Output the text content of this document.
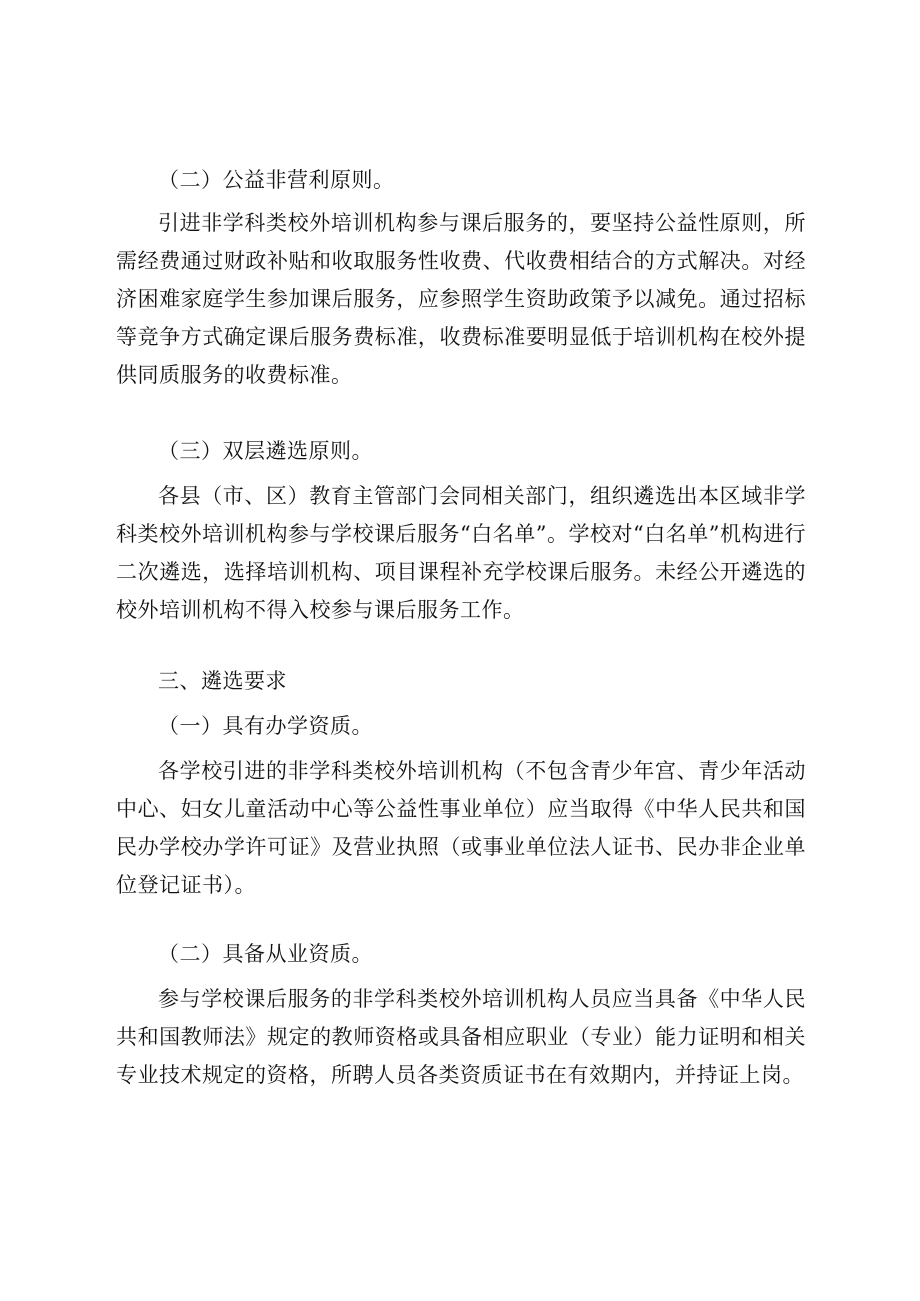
（二）公益非营利原则。

引进非学科类校外培训机构参与课后服务的，要坚持公益性原则，所需经费通过财政补贴和收取服务性收费、代收费相结合的方式解决。对经济困难家庭学生参加课后服务，应参照学生资助政策予以减免。通过招标等竞争方式确定课后服务费标准，收费标准要明显低于培训机构在校外提供同质服务的收费标准。

（三）双层遴选原则。

各县（市、区）教育主管部门会同相关部门，组织遴选出本区域非学科类校外培训机构参与学校课后服务“白名单”。学校对“白名单”机构进行二次遴选，选择培训机构、项目课程补充学校课后服务。未经公开遴选的校外培训机构不得入校参与课后服务工作。

三、遴选要求

（一）具有办学资质。

各学校引进的非学科类校外培训机构（不包含青少年宫、青少年活动中心、妇女儿童活动中心等公益性事业单位）应当取得《中华人民共和国民办学校办学许可证》及营业执照（或事业单位法人证书、民办非企业单位登记证书）。

（二）具备从业资质。

参与学校课后服务的非学科类校外培训机构人员应当具备《中华人民共和国教师法》规定的教师资格或具备相应职业（专业）能力证明和相关专业技术规定的资格，所聘人员各类资质证书在有效期内，并持证上岗。
